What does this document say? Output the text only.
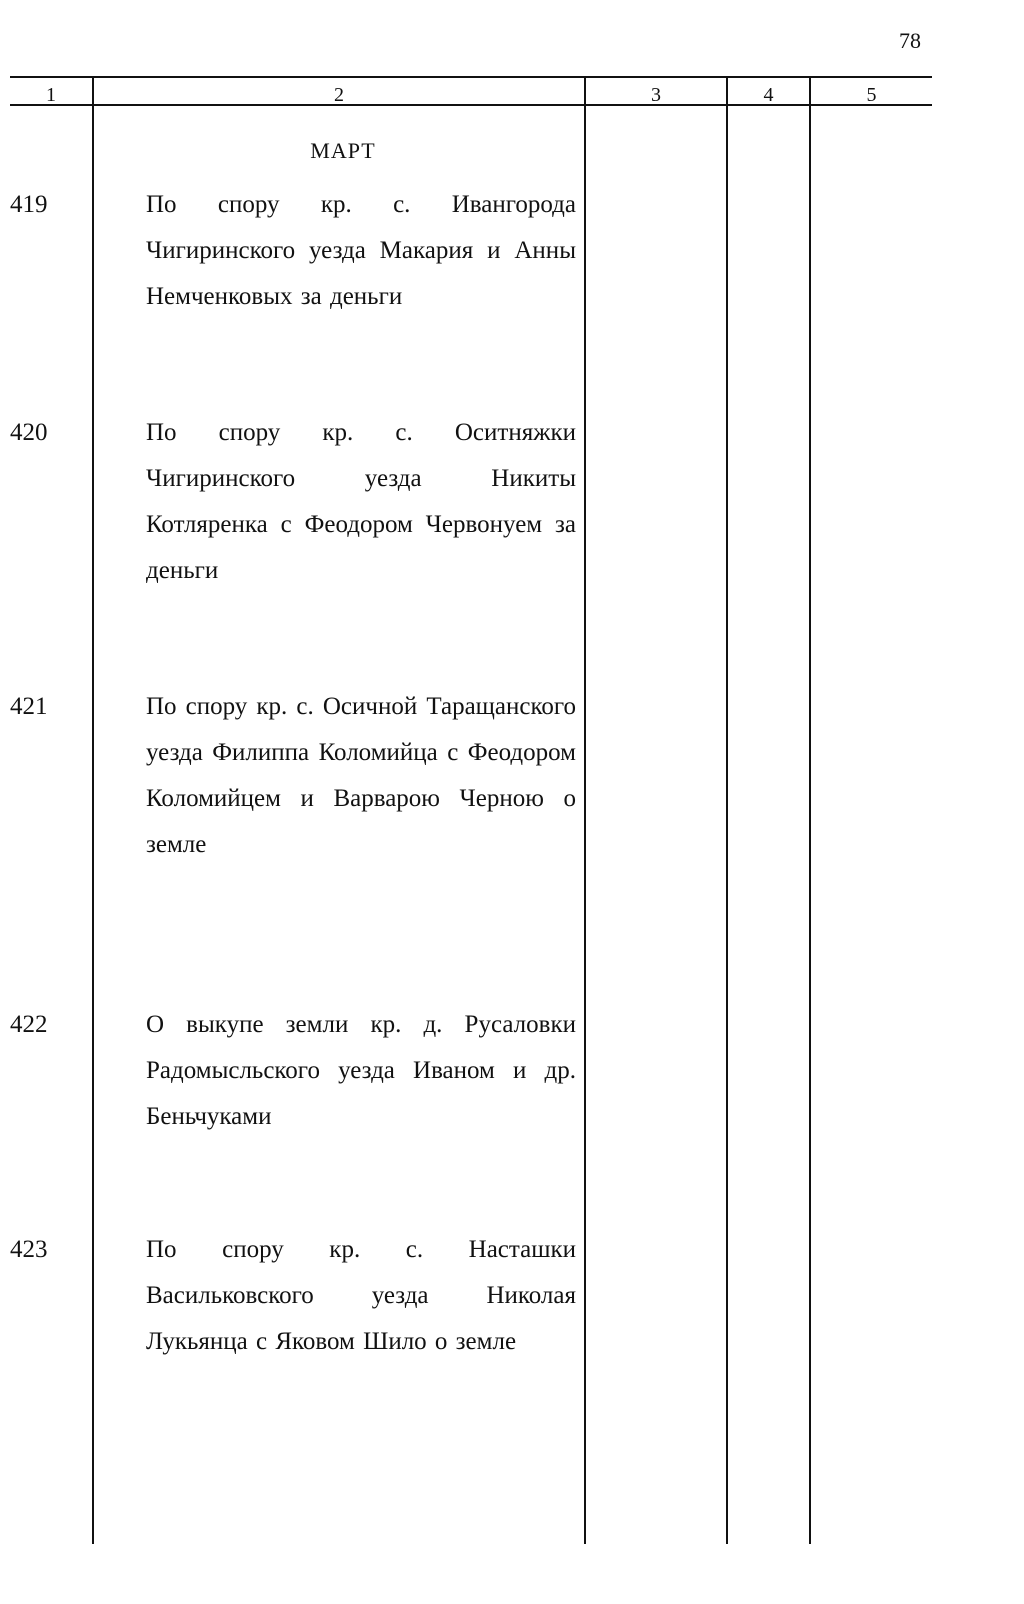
78
1	2	3	4	5
МАРТ
419	По спору кр. с. Ивангорода Чигиринского уезда Макария и Анны Немченковых за деньги
420	По спору кр. с. Оситняжки Чигиринского уезда Никиты Котляренка с Феодором Червонуем за деньги
421	По спору кр. с. Осичной Таращанского уезда Филиппа Коломийца с Феодором Коломийцем и Варварою Черною о земле
422	О выкупе земли кр. д. Русаловки Радомысльского уезда Иваном и др. Беньчуками
423	По спору кр. с. Насташки Васильковского уезда Николая Лукьянца с Яковом Шило о земле
